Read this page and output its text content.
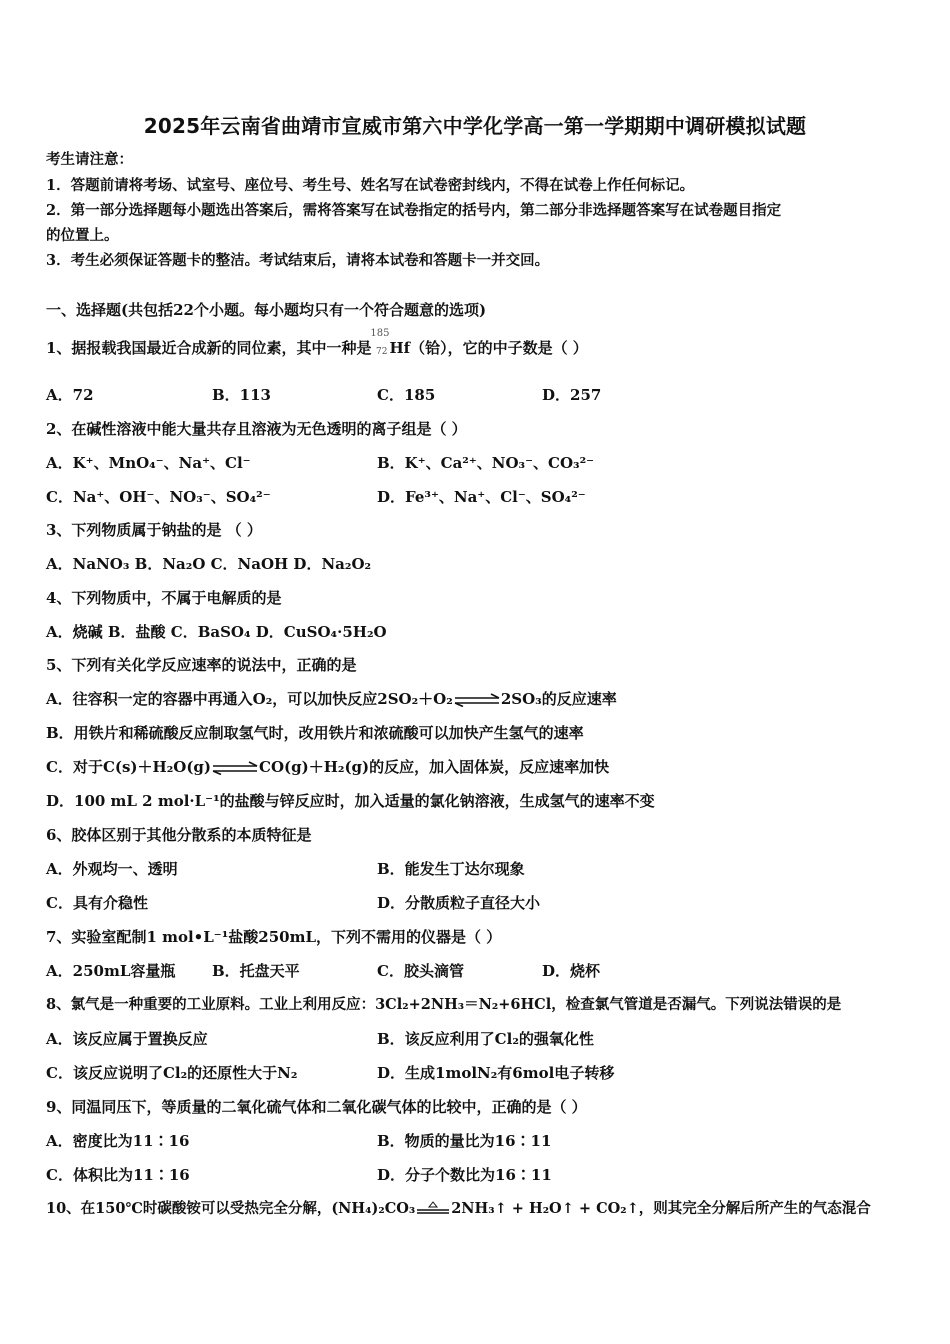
2025年云南省曲靖市宣威市第六中学化学高一第一学期期中调研模拟试题
考生请注意：
1．答题前请将考场、试室号、座位号、考生号、姓名写在试卷密封线内，不得在试卷上作任何标记。
2．第一部分选择题每小题选出答案后，需将答案写在试卷指定的括号内，第二部分非选择题答案写在试卷题目指定
的位置上。
3．考生必须保证答题卡的整洁。考试结束后，请将本试卷和答题卡一并交回。
一、选择题(共包括22个小题。每小题均只有一个符合题意的选项)
1、据报载我国最近合成新的同位素，其中一种是
185
72 Hf（铪），它的中子数是（ ）
A．72	B．113	C．185	D．257
2、在碱性溶液中能大量共存且溶液为无色透明的离子组是（ ）
A．K⁺、MnO₄⁻、Na⁺、Cl⁻	B．K⁺、Ca²⁺、NO₃⁻、CO₃²⁻
C．Na⁺、OH⁻、NO₃⁻、SO₄²⁻	D．Fe³⁺、Na⁺、Cl⁻、SO₄²⁻
3、下列物质属于钠盐的是 （ ）
A．NaNO₃ B．Na₂O C．NaOH D．Na₂O₂
4、下列物质中，不属于电解质的是
A．烧碱 B．盐酸 C．BaSO₄ D．CuSO₄·5H₂O
5、下列有关化学反应速率的说法中，正确的是
A．往容积一定的容器中再通入O₂，可以加快反应2SO₂＋O₂⇌2SO₃的反应速率
B．用铁片和稀硫酸反应制取氢气时，改用铁片和浓硫酸可以加快产生氢气的速率
C．对于C(s)＋H₂O(g)⇌CO(g)＋H₂(g)的反应，加入固体炭，反应速率加快
D．100 mL 2 mol·L⁻¹的盐酸与锌反应时，加入适量的氯化钠溶液，生成氢气的速率不变
6、胶体区别于其他分散系的本质特征是
A．外观均一、透明	B．能发生丁达尔现象
C．具有介稳性	D．分散质粒子直径大小
7、实验室配制1 mol•L⁻¹盐酸250mL，下列不需用的仪器是（ ）
A．250mL容量瓶 B．托盘天平	C．胶头滴管	D．烧杯
8、氯气是一种重要的工业原料。工业上利用反应：3Cl₂+2NH₃＝N₂+6HCl，检查氯气管道是否漏气。下列说法错误的是
A．该反应属于置换反应	B．该反应利用了Cl₂的强氧化性
C．该反应说明了Cl₂的还原性大于N₂	D．生成1molN₂有6mol电子转移
9、同温同压下，等质量的二氧化硫气体和二氧化碳气体的比较中，正确的是（ ）
A．密度比为11∶16	B．物质的量比为16∶11
C．体积比为11∶16	D．分子个数比为16∶11
10、在150℃时碳酸铵可以受热完全分解，(NH₄)₂CO₃ 2NH₃↑ + H₂O↑ + CO₂↑，则其完全分解后所产生的气态混合
